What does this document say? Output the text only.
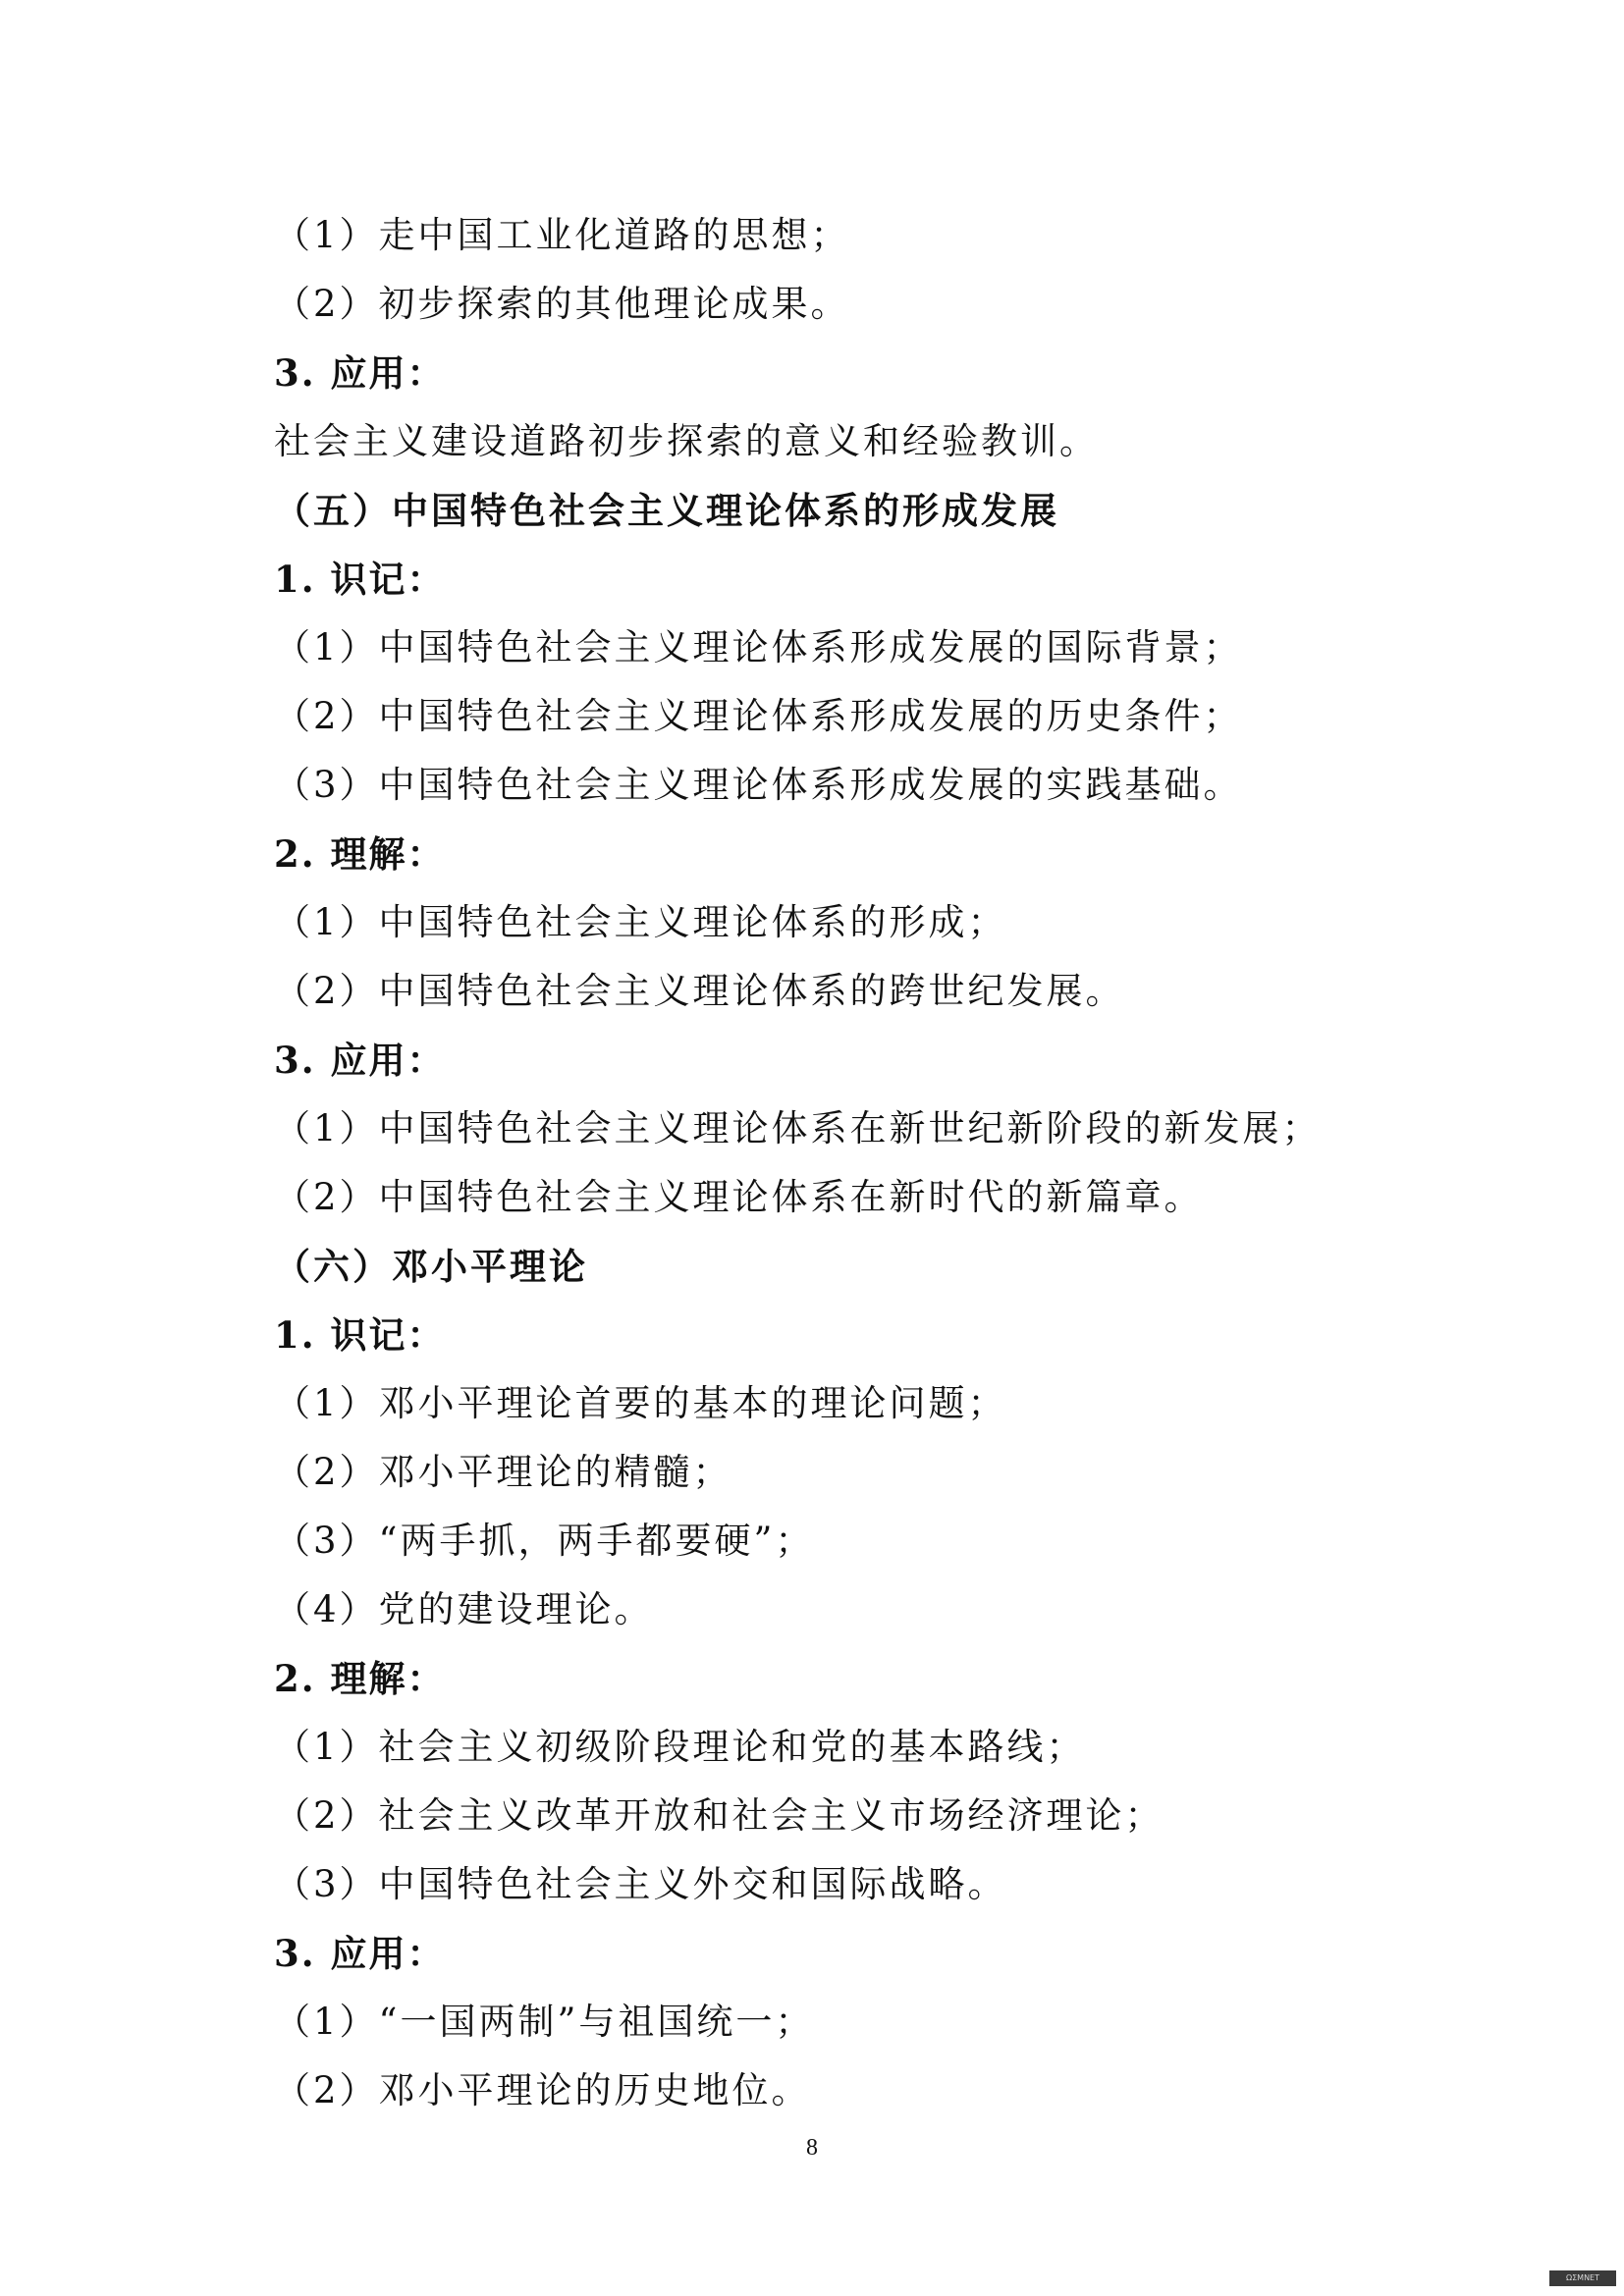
（1）走中国工业化道路的思想；
（2）初步探索的其他理论成果。
3. 应用：
社会主义建设道路初步探索的意义和经验教训。
（五）中国特色社会主义理论体系的形成发展
1. 识记：
（1）中国特色社会主义理论体系形成发展的国际背景；
（2）中国特色社会主义理论体系形成发展的历史条件；
（3）中国特色社会主义理论体系形成发展的实践基础。
2. 理解：
（1）中国特色社会主义理论体系的形成；
（2）中国特色社会主义理论体系的跨世纪发展。
3. 应用：
（1）中国特色社会主义理论体系在新世纪新阶段的新发展；
（2）中国特色社会主义理论体系在新时代的新篇章。
（六）邓小平理论
1. 识记：
（1）邓小平理论首要的基本的理论问题；
（2）邓小平理论的精髓；
（3）“两手抓，两手都要硬”；
（4）党的建设理论。
2. 理解：
（1）社会主义初级阶段理论和党的基本路线；
（2）社会主义改革开放和社会主义市场经济理论；
（3）中国特色社会主义外交和国际战略。
3. 应用：
（1）“一国两制”与祖国统一；
（2）邓小平理论的历史地位。
8
ΩΣΜΝΕΤ
